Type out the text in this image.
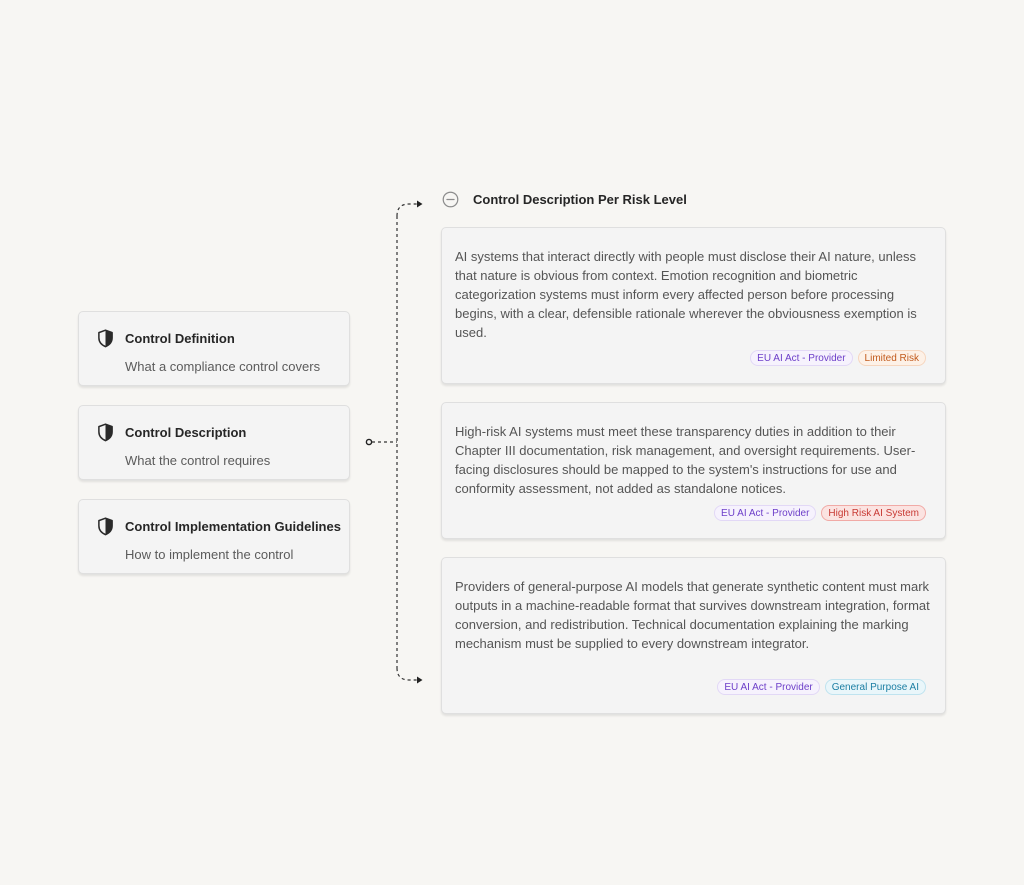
Control Definition
What a compliance control covers
Control Description
What the control requires
Control Implementation Guidelines
How to implement the control
Control Description Per Risk Level
AI systems that interact directly with people must disclose their AI nature, unless that nature is obvious from context. Emotion recognition and biometric categorization systems must inform every affected person before processing begins, with a clear, defensible rationale wherever the obviousness exemption is used.
EU AI Act - Provider	Limited Risk
High-risk AI systems must meet these transparency duties in addition to their Chapter III documentation, risk management, and oversight requirements. User-facing disclosures should be mapped to the system's instructions for use and conformity assessment, not added as standalone notices.
EU AI Act - Provider	High Risk AI System
Providers of general-purpose AI models that generate synthetic content must mark outputs in a machine-readable format that survives downstream integration, format conversion, and redistribution. Technical documentation explaining the marking mechanism must be supplied to every downstream integrator.
EU AI Act - Provider	General Purpose AI
